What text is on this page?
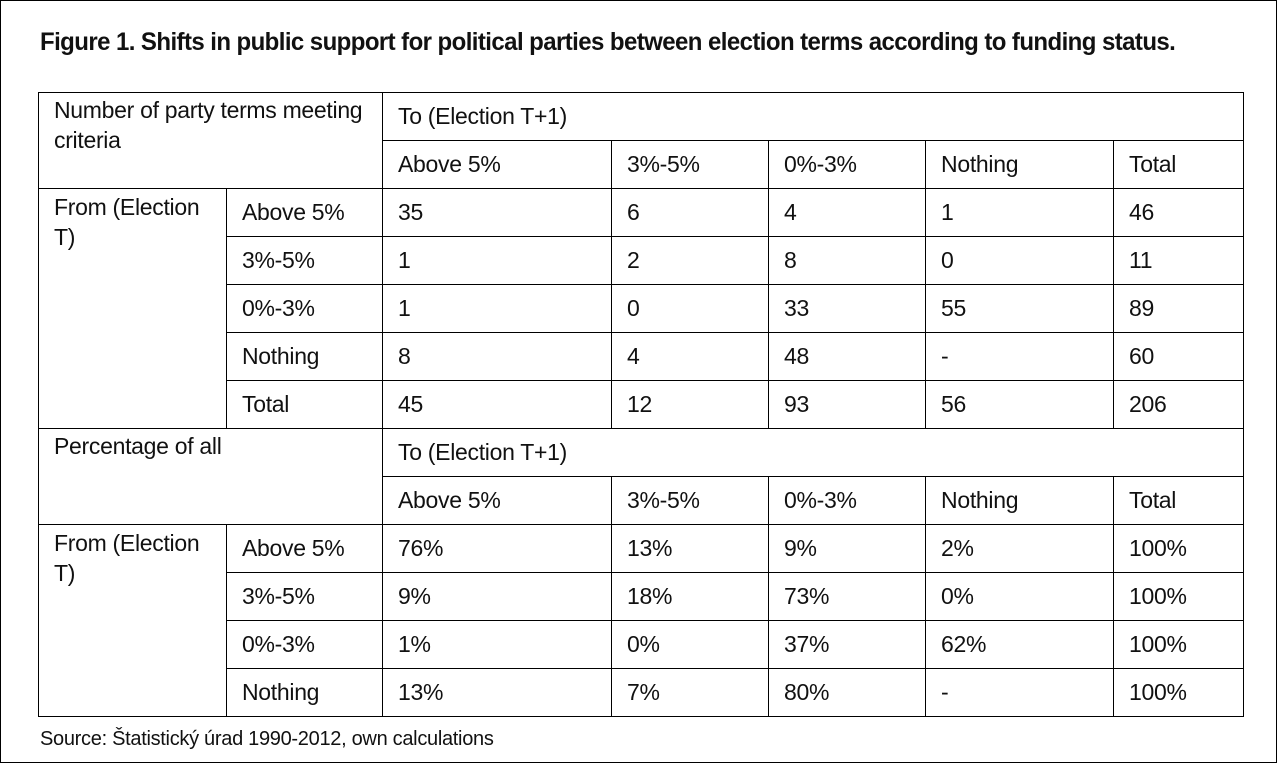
Figure 1. Shifts in public support for political parties between election terms according to funding status.
Number of party terms meeting criteria		To (Election T+1)				
		Above 5%	3%-5%	0%-3%	Nothing	Total
From (Election T)	Above 5%	35	6	4	1	46
	3%-5%	1	2	8	0	11
	0%-3%	1	0	33	55	89
	Nothing	8	4	48	-	60
	Total	45	12	93	56	206
Percentage of all		To (Election T+1)				
		Above 5%	3%-5%	0%-3%	Nothing	Total
From (Election T)	Above 5%	76%	13%	9%	2%	100%
	3%-5%	9%	18%	73%	0%	100%
	0%-3%	1%	0%	37%	62%	100%
	Nothing	13%	7%	80%	-	100%
Source: Štatistický úrad 1990-2012, own calculations
